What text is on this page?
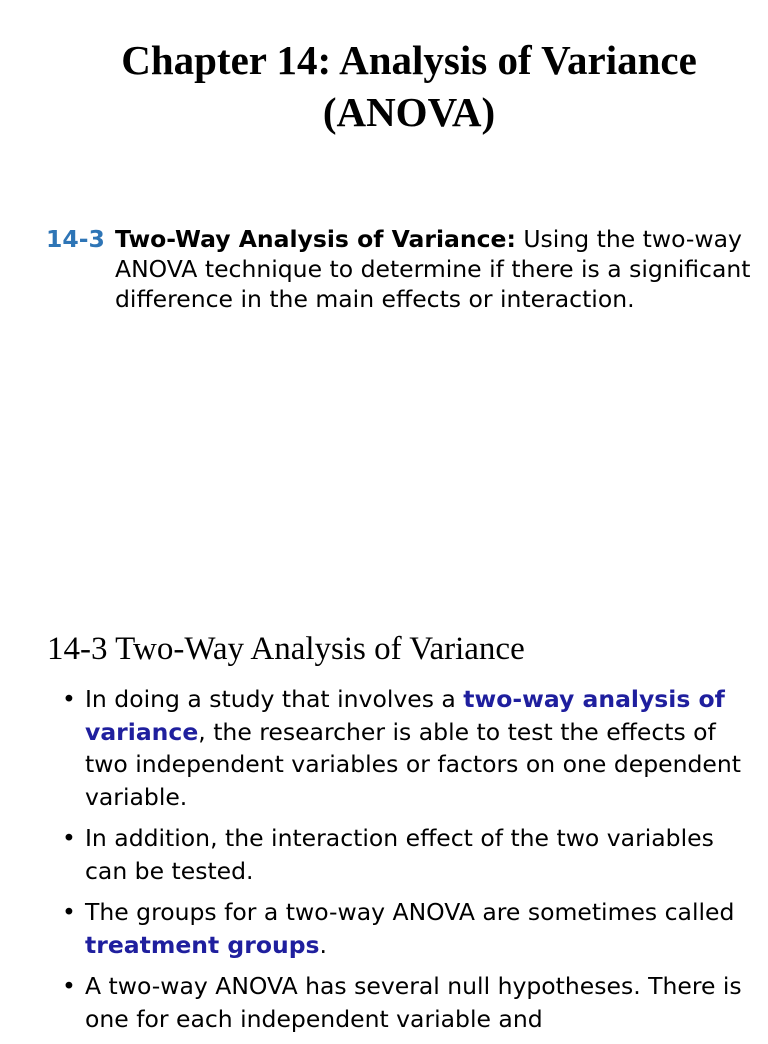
Chapter 14: Analysis of Variance (ANOVA)
14-3 Two-Way Analysis of Variance: Using the two-way ANOVA technique to determine if there is a significant difference in the main effects or interaction.
14-3 Two-Way Analysis of Variance
• In doing a study that involves a two-way analysis of variance, the researcher is able to test the effects of two independent variables or factors on one dependent variable.
• In addition, the interaction effect of the two variables can be tested.
• The groups for a two-way ANOVA are sometimes called treatment groups.
• A two-way ANOVA has several null hypotheses. There is one for each independent variable and
